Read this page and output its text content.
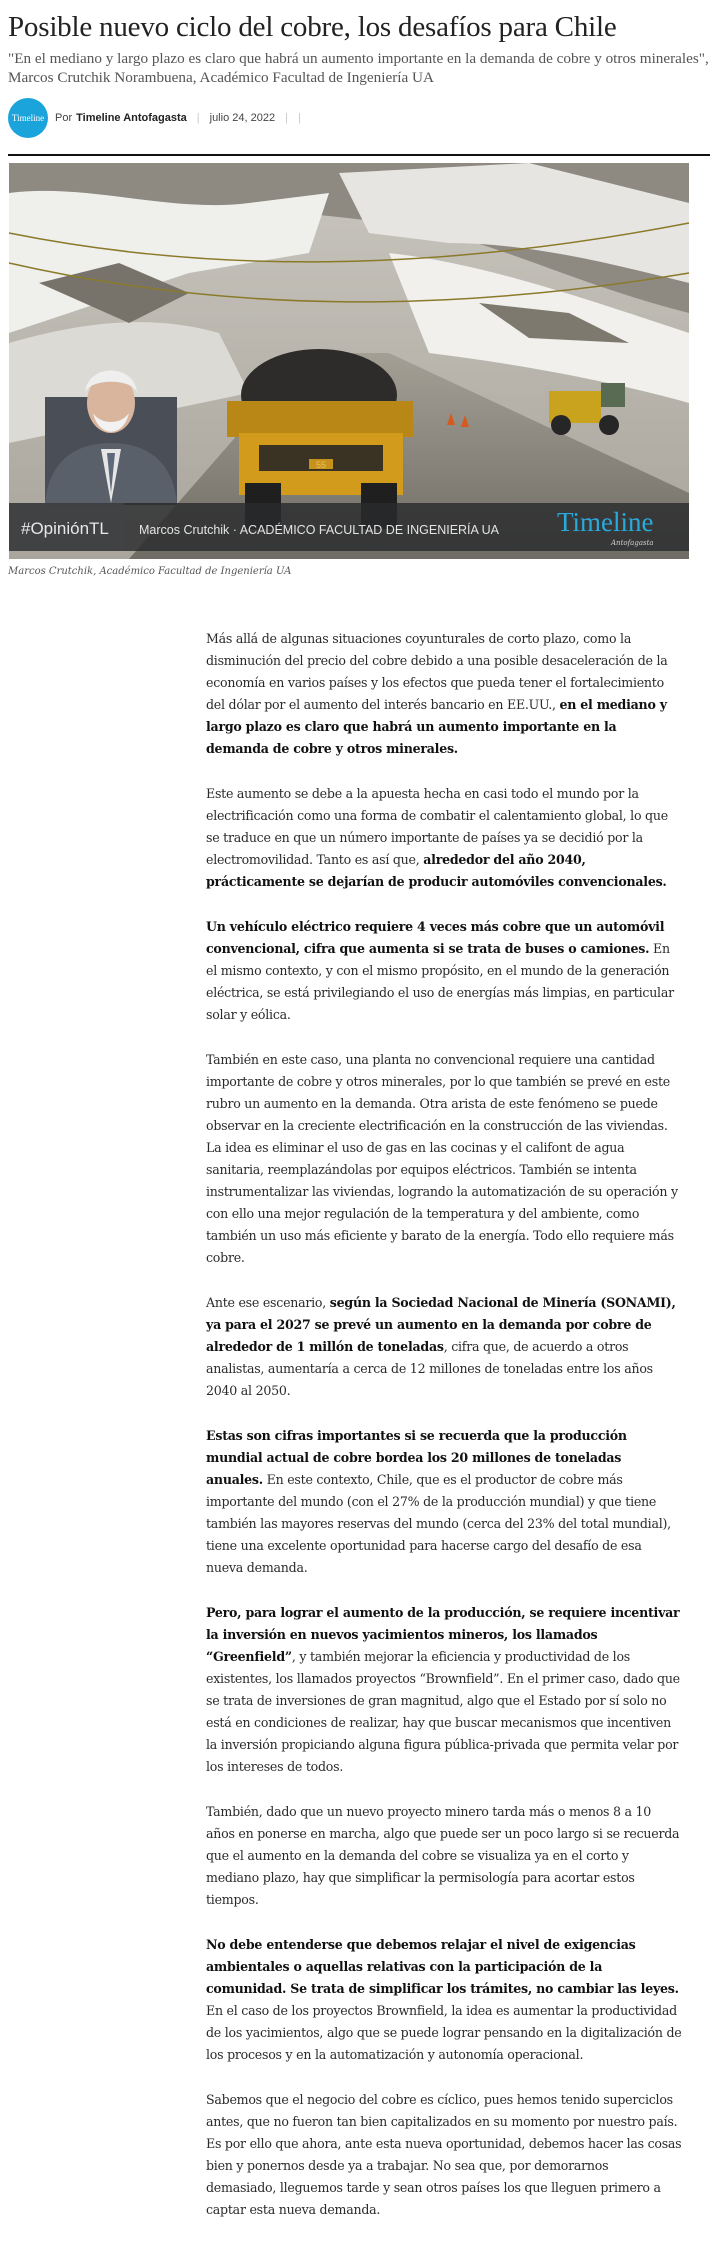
Posible nuevo ciclo del cobre, los desafíos para Chile
"En el mediano y largo plazo es claro que habrá un aumento importante en la demanda de cobre y otros minerales", Marcos Crutchik Norambuena, Académico Facultad de Ingeniería UA
Timeline Por Timeline Antofagasta | julio 24, 2022 | |
55
#OpiniónTL Marcos Crutchik · ACADÉMICO FACULTAD DE INGENIERÍA UA Timeline
Antofagasta
Marcos Crutchik, Académico Facultad de Ingeniería UA

Más allá de algunas situaciones coyunturales de corto plazo, como la disminución del precio del cobre debido a una posible desaceleración de la economía en varios países y los efectos que pueda tener el fortalecimiento del dólar por el aumento del interés bancario en EE.UU., en el mediano y largo plazo es claro que habrá un aumento importante en la demanda de cobre y otros minerales.

Este aumento se debe a la apuesta hecha en casi todo el mundo por la electrificación como una forma de combatir el calentamiento global, lo que se traduce en que un número importante de países ya se decidió por la electromovilidad. Tanto es así que, alrededor del año 2040, prácticamente se dejarían de producir automóviles convencionales.

Un vehículo eléctrico requiere 4 veces más cobre que un automóvil convencional, cifra que aumenta si se trata de buses o camiones. En el mismo contexto, y con el mismo propósito, en el mundo de la generación eléctrica, se está privilegiando el uso de energías más limpias, en particular solar y eólica.

También en este caso, una planta no convencional requiere una cantidad importante de cobre y otros minerales, por lo que también se prevé en este rubro un aumento en la demanda. Otra arista de este fenómeno se puede observar en la creciente electrificación en la construcción de las viviendas. La idea es eliminar el uso de gas en las cocinas y el califont de agua sanitaria, reemplazándolas por equipos eléctricos. También se intenta instrumentalizar las viviendas, logrando la automatización de su operación y con ello una mejor regulación de la temperatura y del ambiente, como también un uso más eficiente y barato de la energía. Todo ello requiere más cobre.

Ante ese escenario, según la Sociedad Nacional de Minería (SONAMI), ya para el 2027 se prevé un aumento en la demanda por cobre de alrededor de 1 millón de toneladas, cifra que, de acuerdo a otros analistas, aumentaría a cerca de 12 millones de toneladas entre los años 2040 al 2050.

Estas son cifras importantes si se recuerda que la producción mundial actual de cobre bordea los 20 millones de toneladas anuales. En este contexto, Chile, que es el productor de cobre más importante del mundo (con el 27% de la producción mundial) y que tiene también las mayores reservas del mundo (cerca del 23% del total mundial), tiene una excelente oportunidad para hacerse cargo del desafío de esa nueva demanda.

Pero, para lograr el aumento de la producción, se requiere incentivar la inversión en nuevos yacimientos mineros, los llamados “Greenfield”, y también mejorar la eficiencia y productividad de los existentes, los llamados proyectos “Brownfield”. En el primer caso, dado que se trata de inversiones de gran magnitud, algo que el Estado por sí solo no está en condiciones de realizar, hay que buscar mecanismos que incentiven la inversión propiciando alguna figura pública-privada que permita velar por los intereses de todos.

También, dado que un nuevo proyecto minero tarda más o menos 8 a 10 años en ponerse en marcha, algo que puede ser un poco largo si se recuerda que el aumento en la demanda del cobre se visualiza ya en el corto y mediano plazo, hay que simplificar la permisología para acortar estos tiempos.

No debe entenderse que debemos relajar el nivel de exigencias ambientales o aquellas relativas con la participación de la comunidad. Se trata de simplificar los trámites, no cambiar las leyes. En el caso de los proyectos Brownfield, la idea es aumentar la productividad de los yacimientos, algo que se puede lograr pensando en la digitalización de los procesos y en la automatización y autonomía operacional.

Sabemos que el negocio del cobre es cíclico, pues hemos tenido superciclos antes, que no fueron tan bien capitalizados en su momento por nuestro país. Es por ello que ahora, ante esta nueva oportunidad, debemos hacer las cosas bien y ponernos desde ya a trabajar. No sea que, por demorarnos demasiado, lleguemos tarde y sean otros países los que lleguen primero a captar esta nueva demanda.
